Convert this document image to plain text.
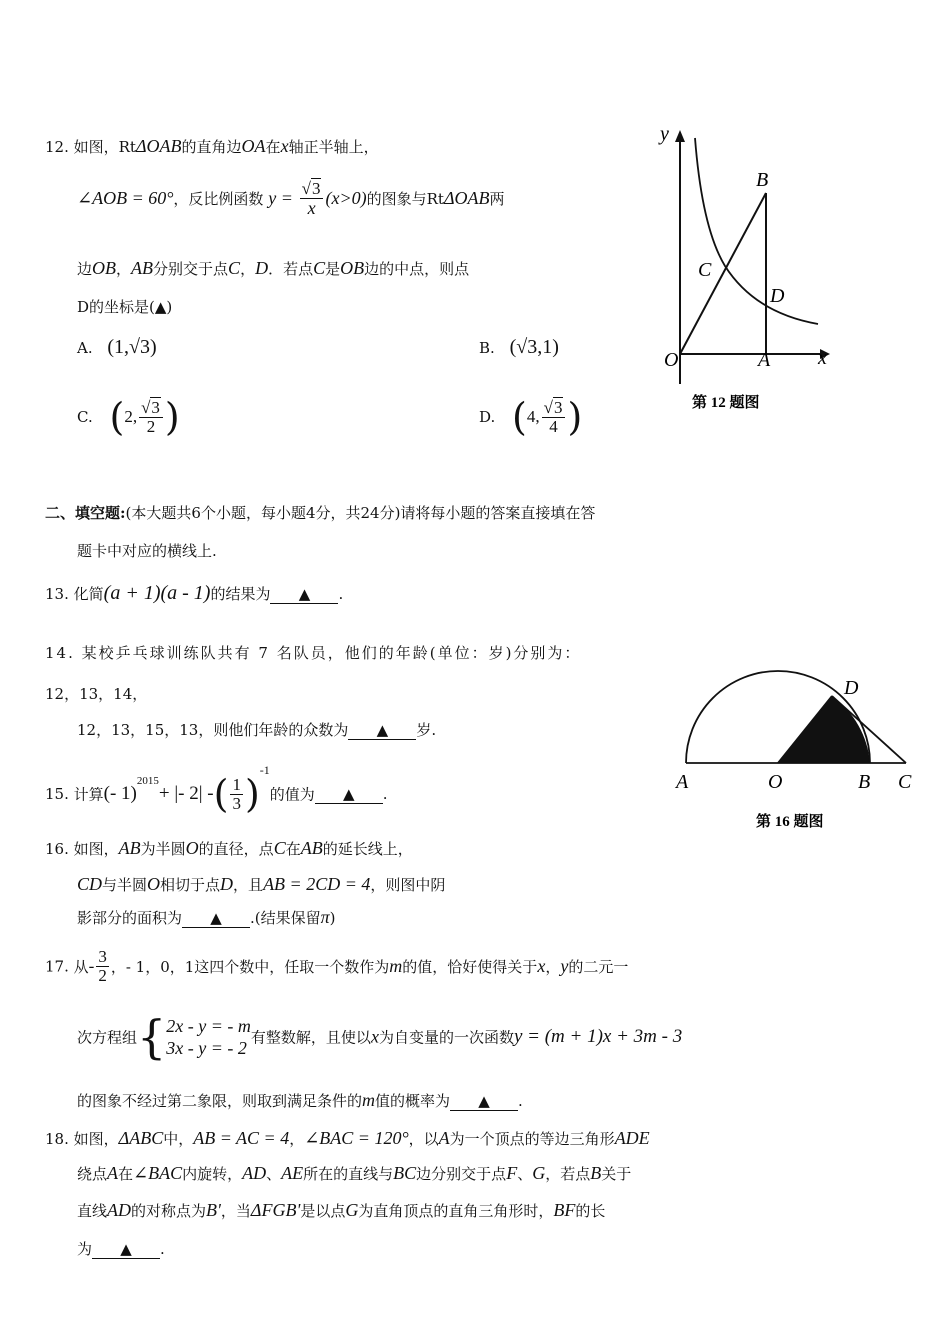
12. 如图，RtΔOAB的直角边OA在x轴正半轴上，
∠AOB = 60°，反比例函数 $y = \frac{√3}{x} (x>0)$的图象与RtΔOAB两
边OB，AB分别交于点C，D．若点C是OB边的中点，则点
D的坐标是(▲)
A. (1,√3)	B. (√3,1)
C. (2, $\frac{√3}{2}$ )	D. (4, $\frac{√3}{4}$ )
y
x
B
C
D
O	A
第 12 题图
二、填空题:(本大题共6个小题，每小题4分，共24分)请将每小题的答案直接填在答
题卡中对应的横线上.
13. 化简(a + 1)(a - 1)的结果为 ▲ .
14. 某校乒乓球训练队共有 7 名队员，他们的年龄(单位：岁)分别为：
12，13，14，
12，13，15，13，则他们年龄的众数为 ▲ 岁.
D
A	O	B C
第 16 题图
15. 计算(- 1)$^{2015}$+ |- 2| -( $\frac{1}{3} )^{-1}$的值为 ▲ .
16. 如图，AB为半圆O的直径，点C在AB的延长线上，
CD与半圆O相切于点D，且AB = 2CD = 4，则图中阴
影部分的面积为 ▲ .(结果保留π)
17. 从- $\frac{3}{2}$ ，- 1，0，1这四个数中，任取一个数作为m的值，恰好使得关于x，y的二元一
次方程组{ 2x - y = - m
3x - y = - 2
有整数解，且使以x为自变量的一次函数y = (m + 1)x + 3m - 3
的图象不经过第二象限，则取到满足条件的m值的概率为 ▲ .
18. 如图，ΔABC中，AB = AC = 4，∠BAC = 120°，以A为一个顶点的等边三角形ADE
绕点A在∠BAC内旋转，AD、AE所在的直线与BC边分别交于点F、G，若点B关于
直线AD的对称点为B'，当ΔFGB'是以点G为直角顶点的直角三角形时，BF的长
为 ▲ .
